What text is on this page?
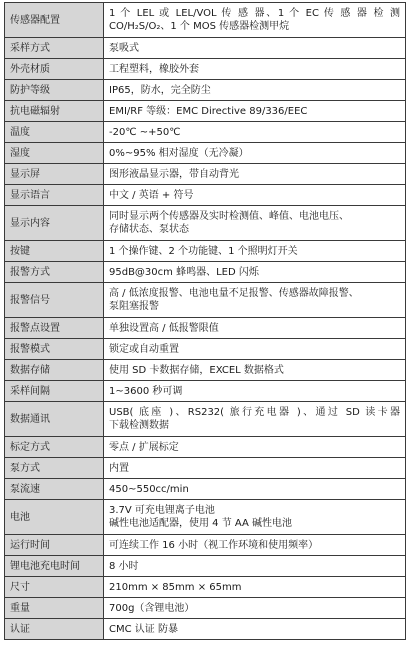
传感器配置	1 个 LEL 或 LEL/VOL 传 感 器、1 个 EC 传 感 器 检 测
CO/H₂S/O₂、1 个 MOS 传感器检测甲烷

采样方式	泵吸式

外壳材质	工程塑料，橡胶外套

防护等级	IP65，防水，完全防尘

抗电磁辐射	EMI/RF 等级：EMC Directive 89/336/EEC

温度	-20℃ ~+50℃

湿度	0%~95% 相对湿度（无冷凝）

显示屏	图形液晶显示器，带自动背光

显示语言	中文 / 英语 + 符号

显示内容	同时显示两个传感器及实时检测值、峰值、电池电压、
存储状态、泵状态

按键	1 个操作键、2 个功能键、1 个照明灯开关

报警方式	95dB@30cm 蜂鸣器、LED 闪烁

报警信号	高 / 低浓度报警、电池电量不足报警、传感器故障报警、
泵阻塞报警

报警点设置	单独设置高 / 低报警限值

报警模式	锁定或自动重置

数据存储	使用 SD 卡数据存储，EXCEL 数据格式

采样间隔	1~3600 秒可调

数据通讯	USB( 底座 )、RS232( 旅行充电器 )、通过 SD 读卡器
下载检测数据

标定方式	零点 / 扩展标定

泵方式	内置

泵流速	450~550cc/min

电池	3.7V 可充电锂离子电池
碱性电池适配器，使用 4 节 AA 碱性电池

运行时间	可连续工作 16 小时（视工作环境和使用频率）

锂电池充电时间	8 小时

尺寸	210mm × 85mm × 65mm

重量	700g（含锂电池）

认证	CMC 认证 防暴
